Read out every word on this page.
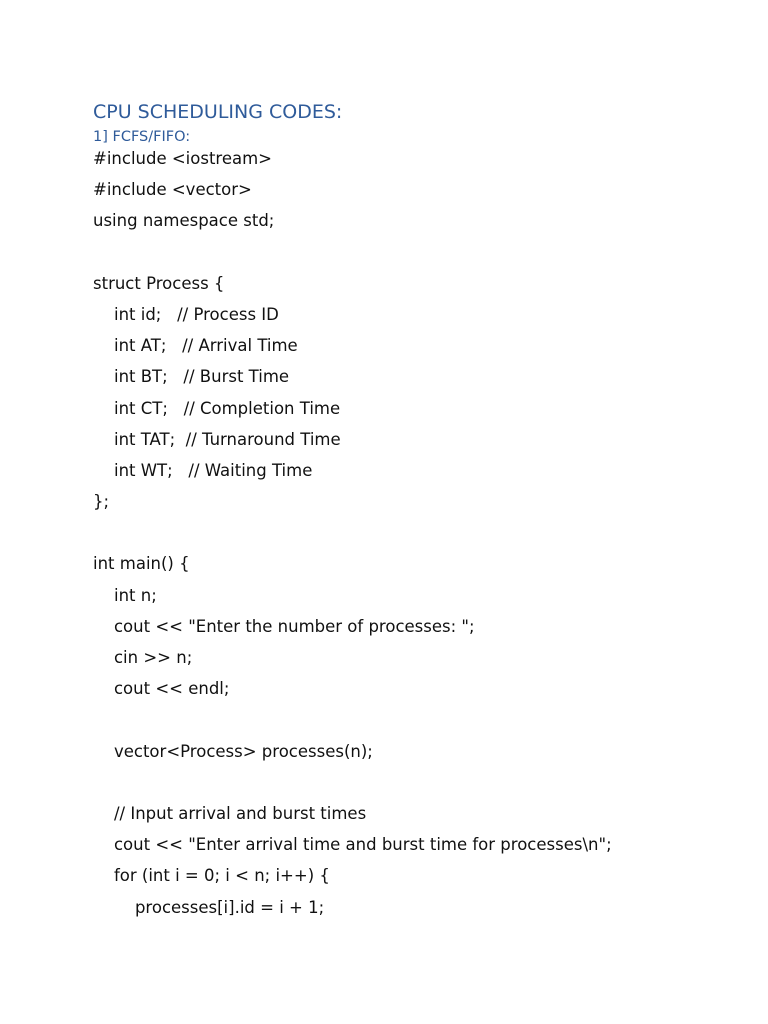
CPU SCHEDULING CODES:
1] FCFS/FIFO:
#include <iostream>
#include <vector>
using namespace std;
struct Process {
int id;   // Process ID
int AT;   // Arrival Time
int BT;   // Burst Time
int CT;   // Completion Time
int TAT;  // Turnaround Time
int WT;   // Waiting Time
};
int main() {
int n;
cout << "Enter the number of processes: ";
cin >> n;
cout << endl;
vector<Process> processes(n);
// Input arrival and burst times
cout << "Enter arrival time and burst time for processes\n";
for (int i = 0; i < n; i++) {
processes[i].id = i + 1;
